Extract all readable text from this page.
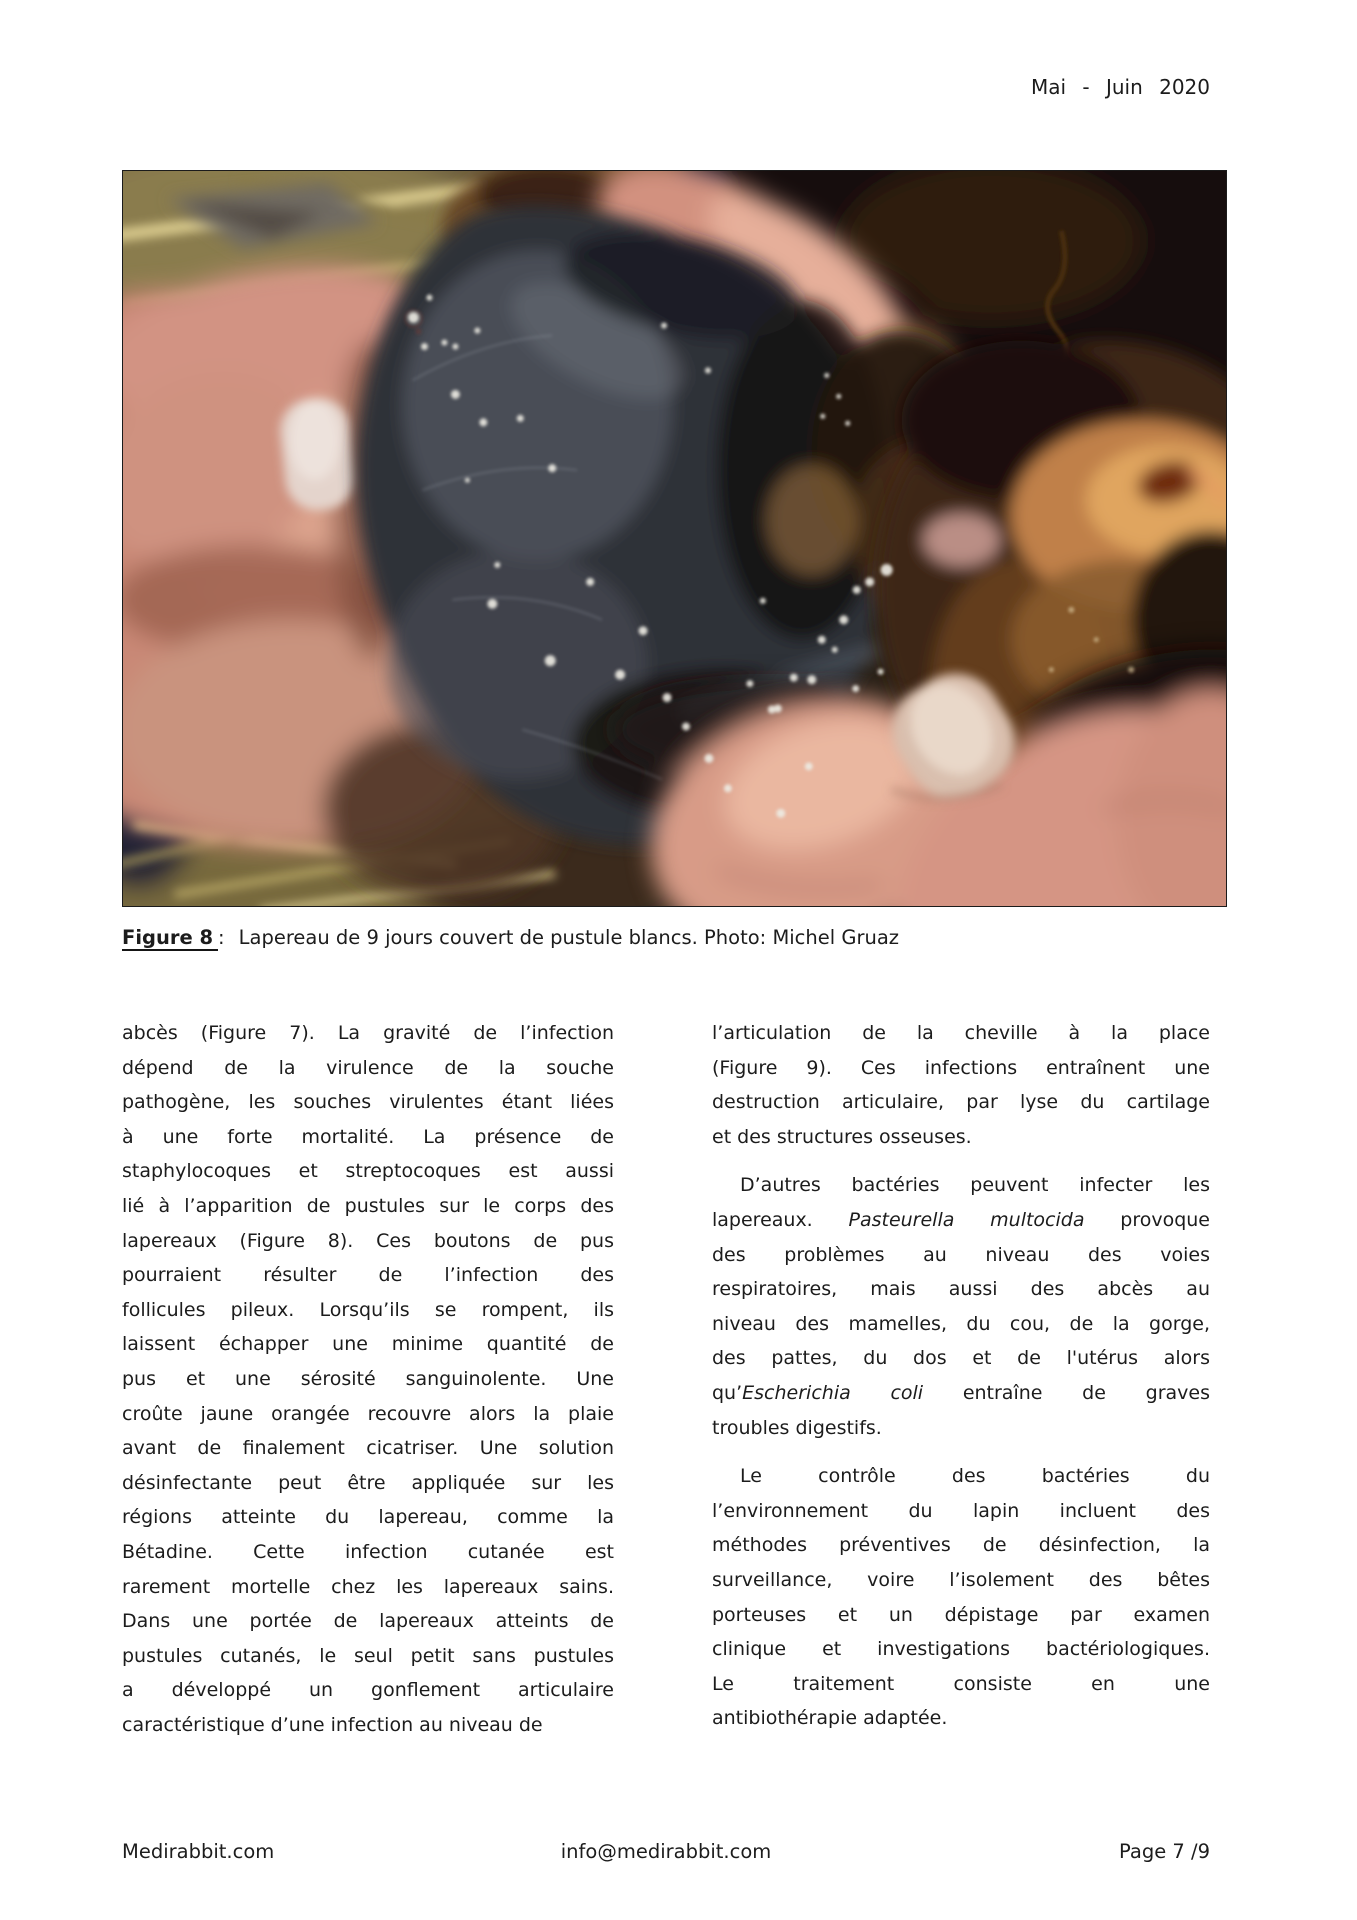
Mai - Juin 2020
Figure 8 : Lapereau de 9 jours couvert de pustule blancs. Photo: Michel Gruaz
abcès (Figure 7). La gravité de l’infection
dépend de la virulence de la souche
pathogène, les souches virulentes étant liées
à une forte mortalité. La présence de
staphylocoques et streptocoques est aussi
lié à l’apparition de pustules sur le corps des
lapereaux (Figure 8). Ces boutons de pus
pourraient résulter de l’infection des
follicules pileux. Lorsqu’ils se rompent, ils
laissent échapper une minime quantité de
pus et une sérosité sanguinolente. Une
croûte jaune orangée recouvre alors la plaie
avant de finalement cicatriser. Une solution
désinfectante peut être appliquée sur les
régions atteinte du lapereau, comme la
Bétadine. Cette infection cutanée est
rarement mortelle chez les lapereaux sains.
Dans une portée de lapereaux atteints de
pustules cutanés, le seul petit sans pustules
a développé un gonflement articulaire
caractéristique d’une infection au niveau de
l’articulation de la cheville à la place
(Figure 9). Ces infections entraînent une
destruction articulaire, par lyse du cartilage
et des structures osseuses.
D’autres bactéries peuvent infecter les
lapereaux. Pasteurella multocida provoque
des problèmes au niveau des voies
respiratoires, mais aussi des abcès au
niveau des mamelles, du cou, de la gorge,
des pattes, du dos et de l'utérus alors
qu’Escherichia coli entraîne de graves
troubles digestifs.
Le contrôle des bactéries du
l’environnement du lapin incluent des
méthodes préventives de désinfection, la
surveillance, voire l’isolement des bêtes
porteuses et un dépistage par examen
clinique et investigations bactériologiques.
Le traitement consiste en une
antibiothérapie adaptée.
Medirabbit.com	info@medirabbit.com	Page 7 /9
